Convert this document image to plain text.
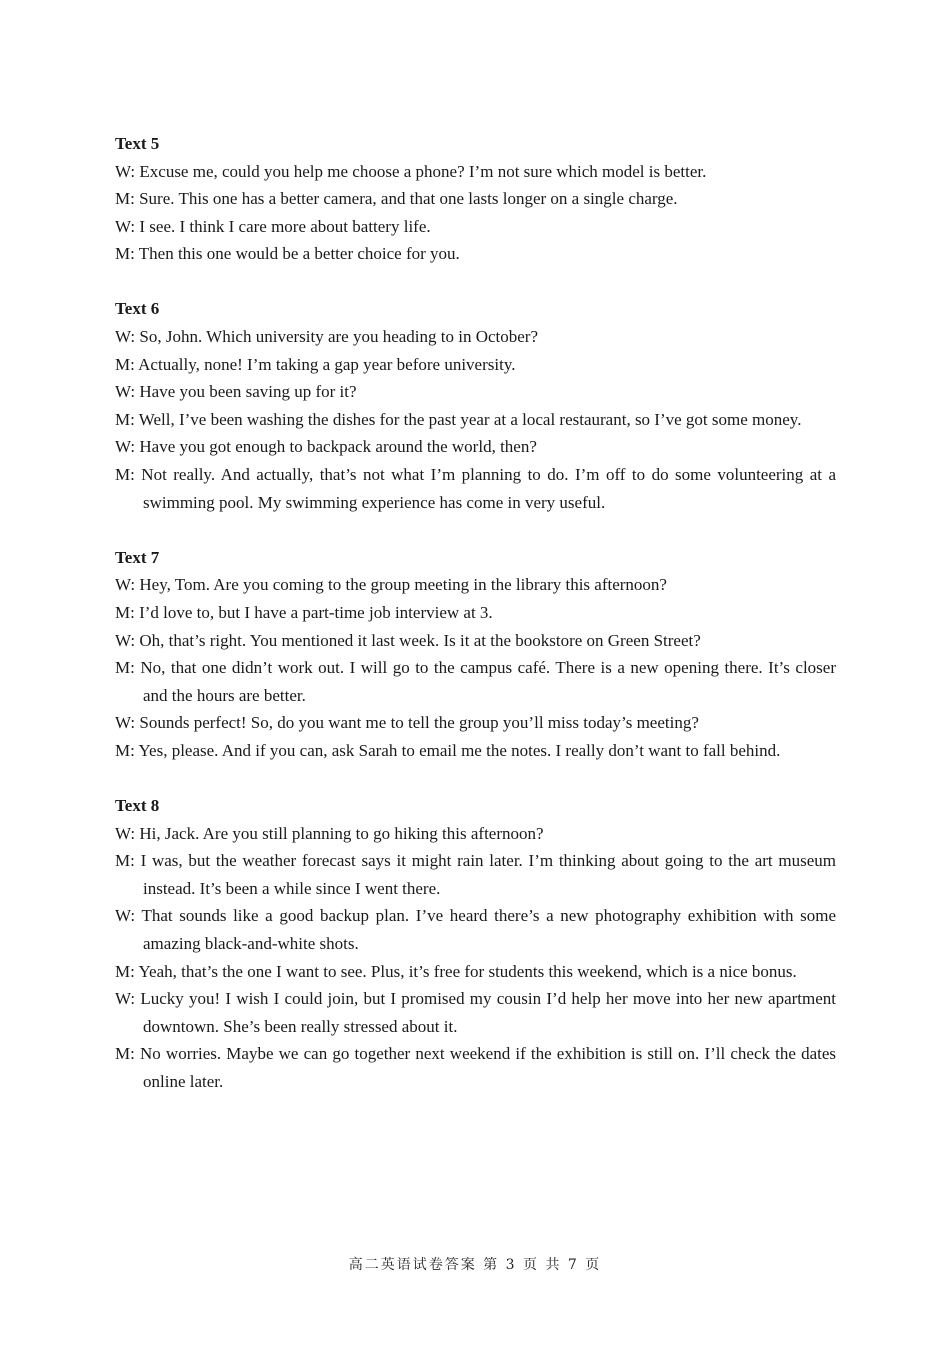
Text 5

W: Excuse me, could you help me choose a phone? I’m not sure which model is better.

M: Sure. This one has a better camera, and that one lasts longer on a single charge.

W: I see. I think I care more about battery life.

M: Then this one would be a better choice for you.

Text 6

W: So, John. Which university are you heading to in October?

M: Actually, none! I’m taking a gap year before university.

W: Have you been saving up for it?

M: Well, I’ve been washing the dishes for the past year at a local restaurant, so I’ve got some money.

W: Have you got enough to backpack around the world, then?

M: Not really. And actually, that’s not what I’m planning to do. I’m off to do some volunteering at a swimming pool. My swimming experience has come in very useful.

Text 7

W: Hey, Tom. Are you coming to the group meeting in the library this afternoon?

M: I’d love to, but I have a part-time job interview at 3.

W: Oh, that’s right. You mentioned it last week. Is it at the bookstore on Green Street?

M: No, that one didn’t work out. I will go to the campus café. There is a new opening there. It’s closer and the hours are better.

W: Sounds perfect! So, do you want me to tell the group you’ll miss today’s meeting?

M: Yes, please. And if you can, ask Sarah to email me the notes. I really don’t want to fall behind.

Text 8

W: Hi, Jack. Are you still planning to go hiking this afternoon?

M: I was, but the weather forecast says it might rain later. I’m thinking about going to the art museum instead. It’s been a while since I went there.

W: That sounds like a good backup plan. I’ve heard there’s a new photography exhibition with some amazing black-and-white shots.

M: Yeah, that’s the one I want to see. Plus, it’s free for students this weekend, which is a nice bonus.

W: Lucky you! I wish I could join, but I promised my cousin I’d help her move into her new apartment downtown. She’s been really stressed about it.

M: No worries. Maybe we can go together next weekend if the exhibition is still on. I’ll check the dates online later.

高二英语试卷答案 第 3 页 共 7 页
